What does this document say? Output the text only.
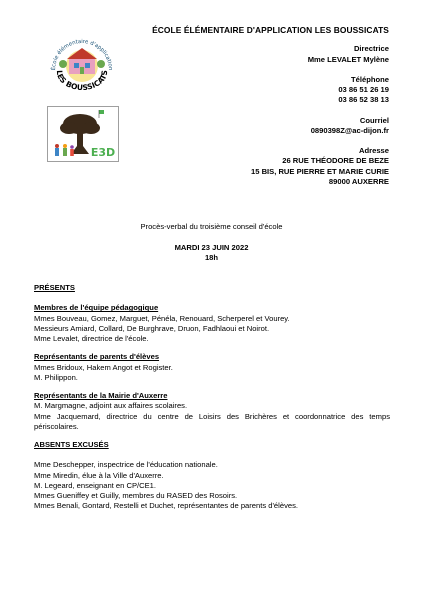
École élémentaire d'application
LES BOUSSICATS
E3D
ÉCOLE ÉLÉMENTAIRE D'APPLICATION LES BOUSSICATS
Directrice
Mme LEVALET Mylène
Téléphone
03 86 51 26 19
03 86 52 38 13
Courriel
0890398Z@ac-dijon.fr
Adresse
26 RUE THÉODORE DE BEZE
15 BIS, RUE PIERRE ET MARIE CURIE
89000 AUXERRE
Procès-verbal du troisième conseil d'école
MARDI 23 JUIN 2022
18h
PRÉSENTS
Membres de l'équipe pédagogique
Mmes Bouveau, Gomez, Marguet, Pénéla, Renouard, Scherperel et Vourey.
Messieurs Amiard, Collard, De Burghrave, Druon, Fadhlaoui et Noirot.
Mme Levalet, directrice de l'école.
Représentants de parents d'élèves
Mmes Bridoux, Hakem Angot et Rogister.
M. Philippon.
Représentants de la Mairie d'Auxerre
M. Margmagne, adjoint aux affaires scolaires.
Mme Jacquemard, directrice du centre de Loisirs des Brichères et coordonnatrice des temps périscolaires.
ABSENTS EXCUSÉS
Mme Deschepper, inspectrice de l'éducation nationale.
Mme Miredin, élue à la Ville d'Auxerre.
M. Legeard, enseignant en CP/CE1.
Mmes Gueniffey et Guilly, membres du RASED des Rosoirs.
Mmes Benali, Gontard, Restelli et Duchet, représentantes de parents d'élèves.
